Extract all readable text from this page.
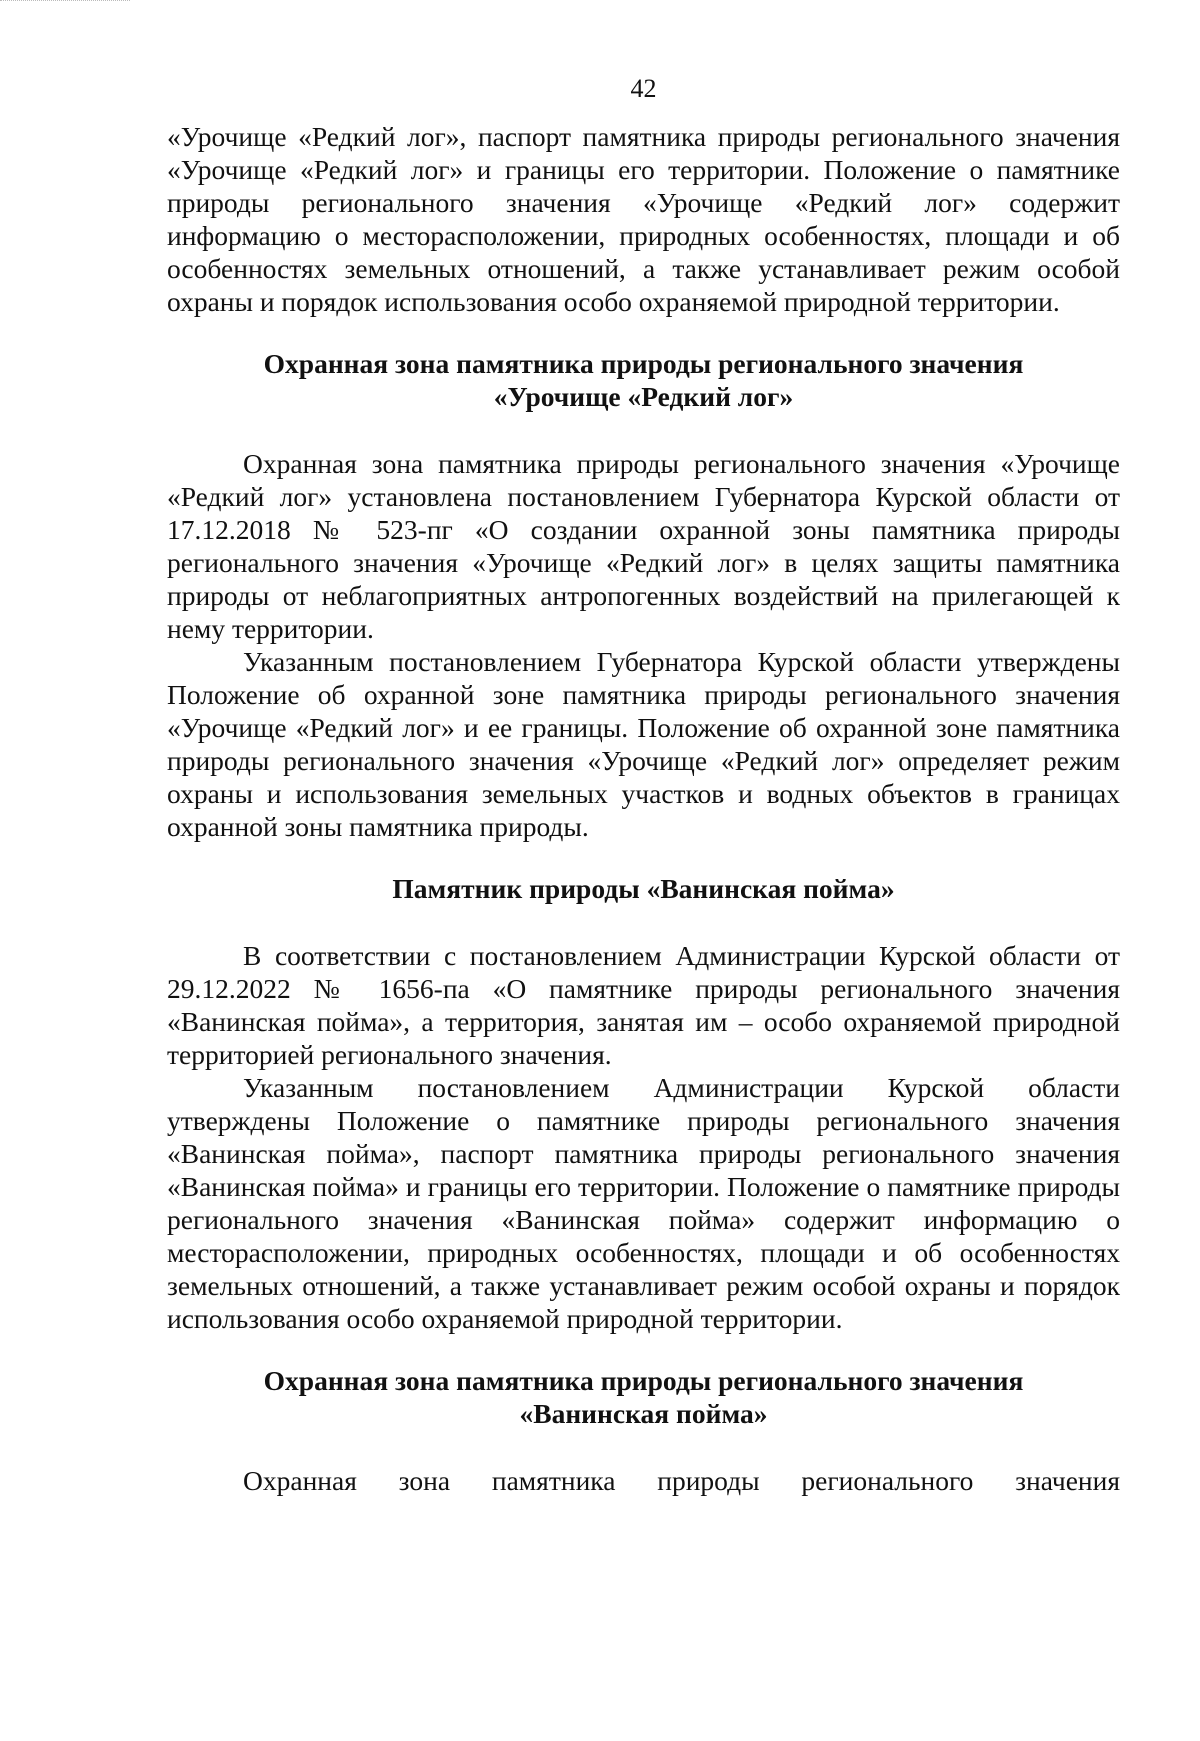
42

«Урочище «Редкий лог», паспорт памятника природы регионального значения «Урочище «Редкий лог» и границы его территории. Положение о памятнике природы регионального значения «Урочище «Редкий лог» содержит информацию о месторасположении, природных особенностях, площади и об особенностях земельных отношений, а также устанавливает режим особой охраны и порядок использования особо охраняемой природной территории.

Охранная зона памятника природы регионального значения
«Урочище «Редкий лог»

Охранная зона памятника природы регионального значения «Урочище «Редкий лог» установлена постановлением Губернатора Курской области от 17.12.2018 № 523-пг «О создании охранной зоны памятника природы регионального значения «Урочище «Редкий лог» в целях защиты памятника природы от неблагоприятных антропогенных воздействий на прилегающей к нему территории.

Указанным постановлением Губернатора Курской области утверждены Положение об охранной зоне памятника природы регионального значения «Урочище «Редкий лог» и ее границы. Положение об охранной зоне памятника природы регионального значения «Урочище «Редкий лог» определяет режим охраны и использования земельных участков и водных объектов в границах охранной зоны памятника природы.

Памятник природы «Ванинская пойма»

В соответствии с постановлением Администрации Курской области от 29.12.2022 № 1656-па «О памятнике природы регионального значения «Ванинская пойма», а территория, занятая им – особо охраняемой природной территорией регионального значения.

Указанным постановлением Администрации Курской области утверждены Положение о памятнике природы регионального значения «Ванинская пойма», паспорт памятника природы регионального значения «Ванинская пойма» и границы его территории. Положение о памятнике природы регионального значения «Ванинская пойма» содержит информацию о месторасположении, природных особенностях, площади и об особенностях земельных отношений, а также устанавливает режим особой охраны и порядок использования особо охраняемой природной территории.

Охранная зона памятника природы регионального значения
«Ванинская пойма»

Охранная зона памятника природы регионального значения
